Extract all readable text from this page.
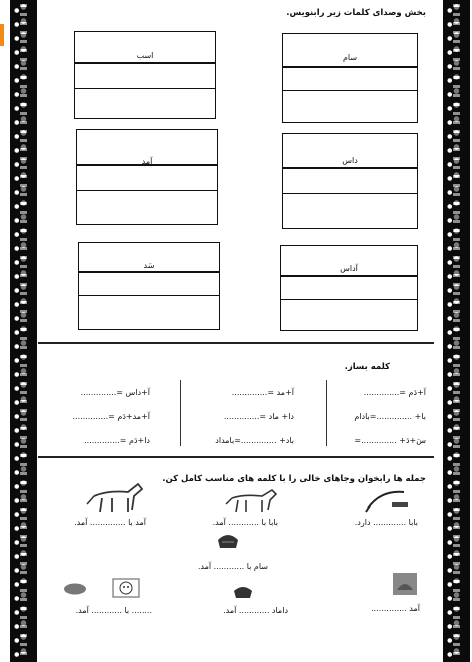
بخش وصدای کلمات زیر رابنویس.
سام
اسب
داس
آمد
آداس
سَد
کلمه بساز.
آ+دَم =..............
آ+مد =..............
آ+داس =..............
با+ ..............=بادام
دا+ ماد =..............
آ+مد+دَم =..............
سَ+دَ+ ..............=
باد+ ..............=بامداد
دا+دَم =..............
جمله ها رابخوان وجاهای خالی را با کلمه های مناسب کامل کن.
بابا ............. دارد.
بابا با ............ آمد.
آمد با .............. آمد.
سام با ............ آمد.
آمد ..............
داماد ............ آمد.
........ با ............ آمد.
